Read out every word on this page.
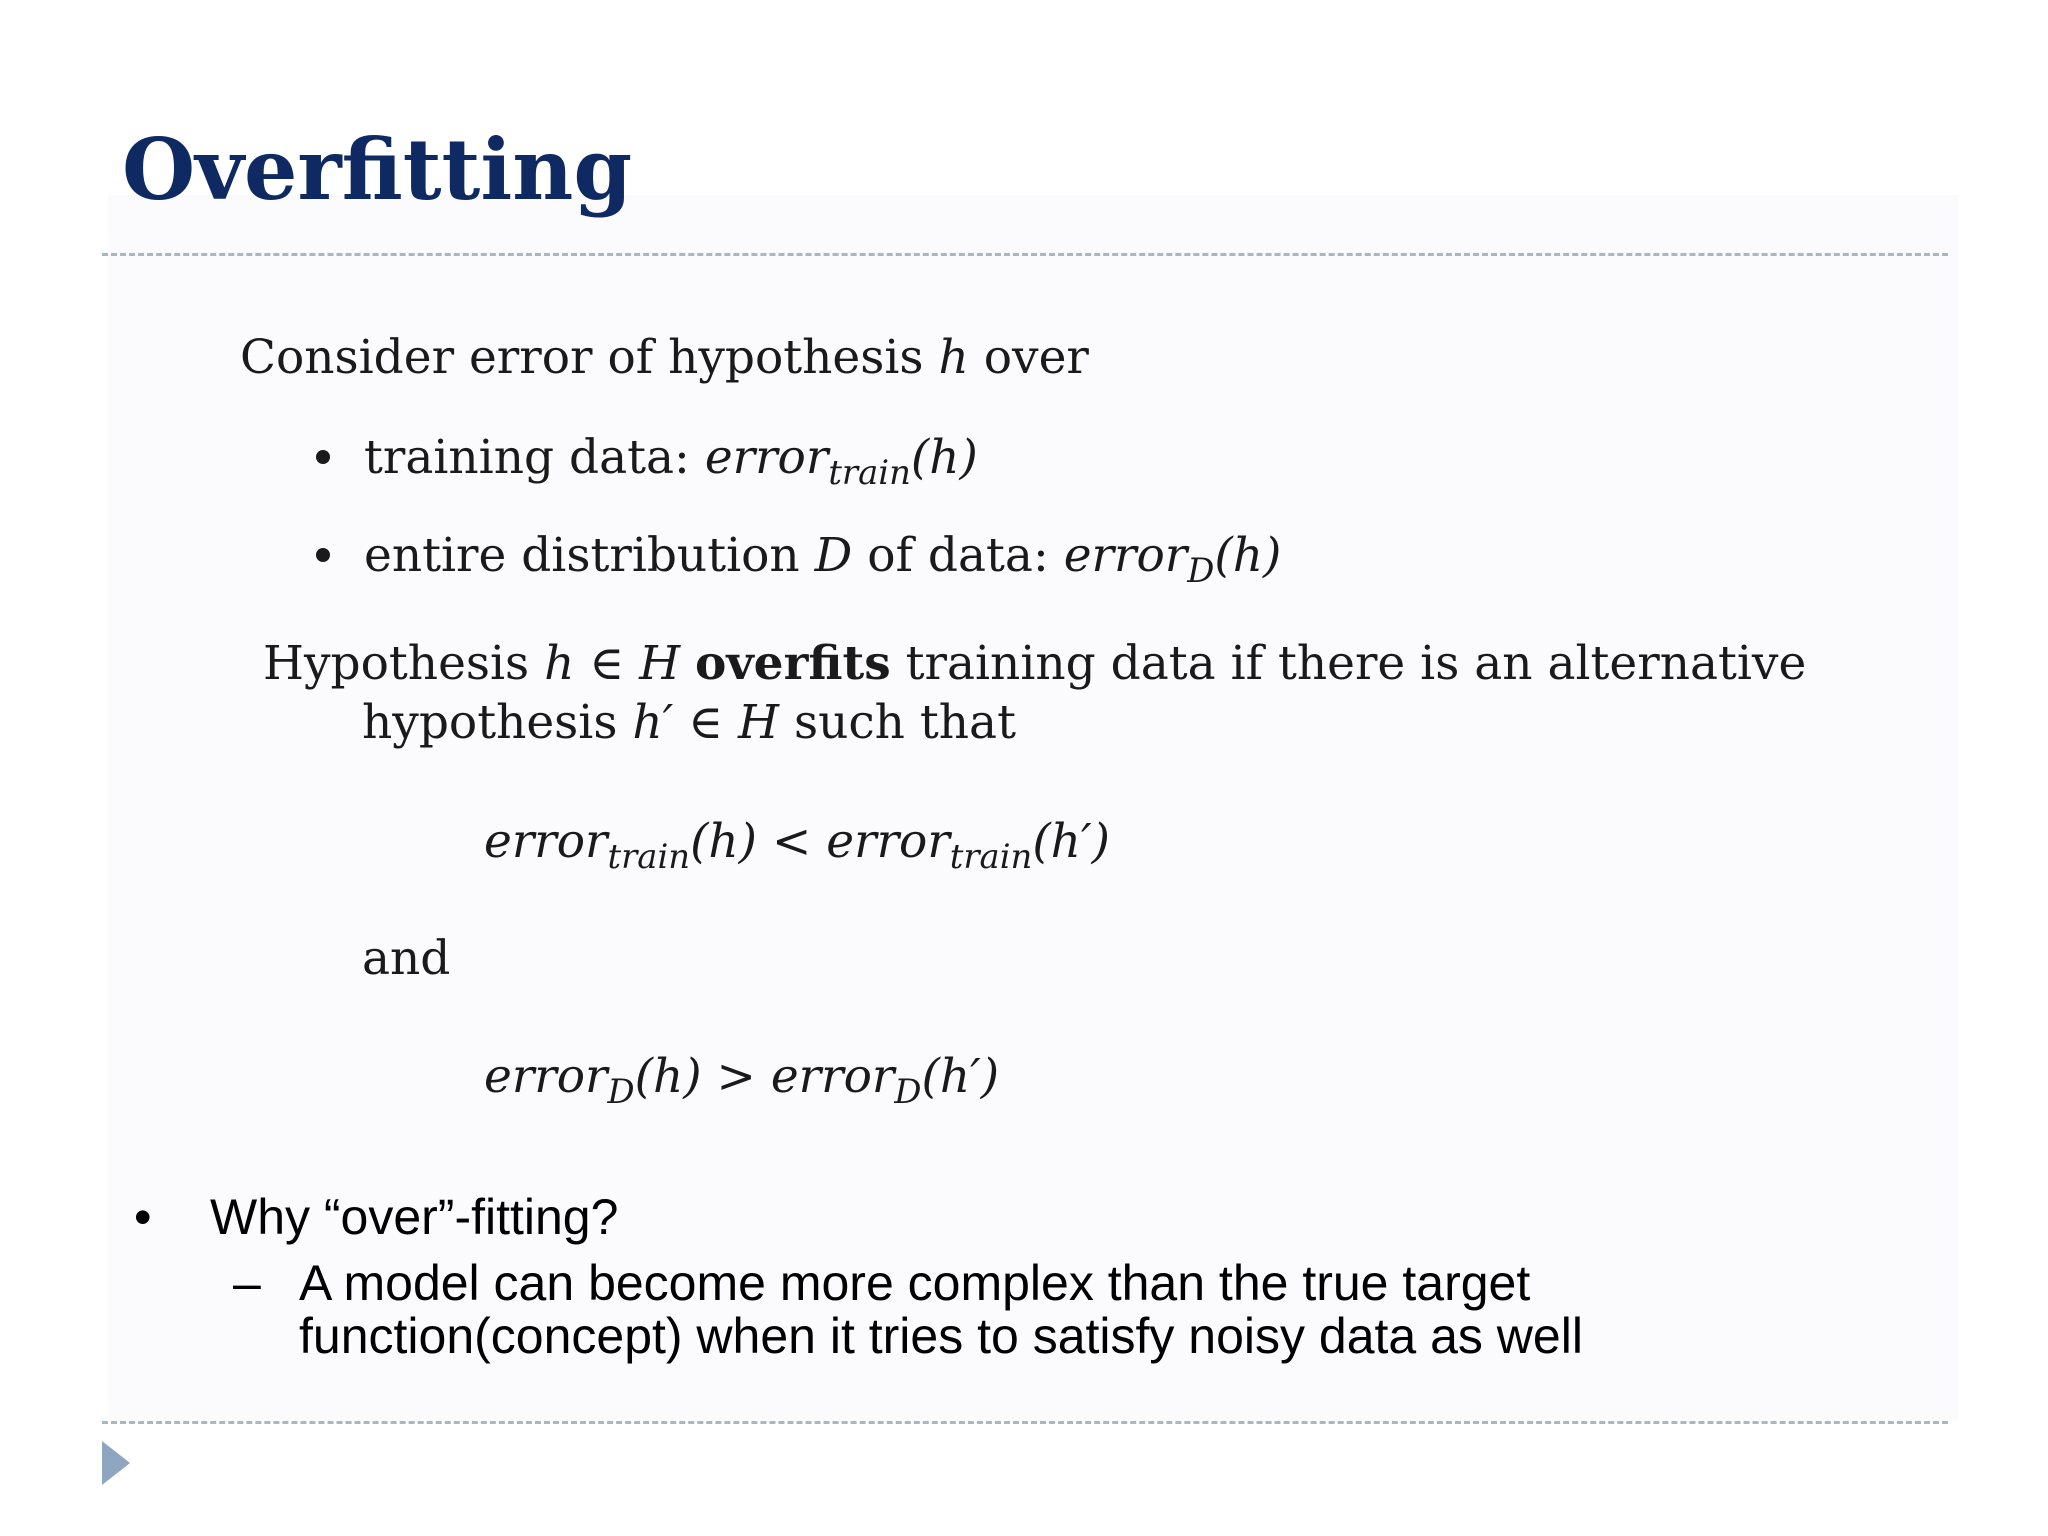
Overfitting
Consider error of hypothesis h over
training data: error$_{train}$(h)
entire distribution D of data: error$_D$(h)
Hypothesis h ∈ H overfits training data if there is an alternative
hypothesis h′ ∈ H such that
error$_{train}$(h) < error$_{train}$(h′)
and
error$_D$(h) > error$_D$(h′)
• Why “over”-fitting?
– A model can become more complex than the true target
function(concept) when it tries to satisfy noisy data as well
